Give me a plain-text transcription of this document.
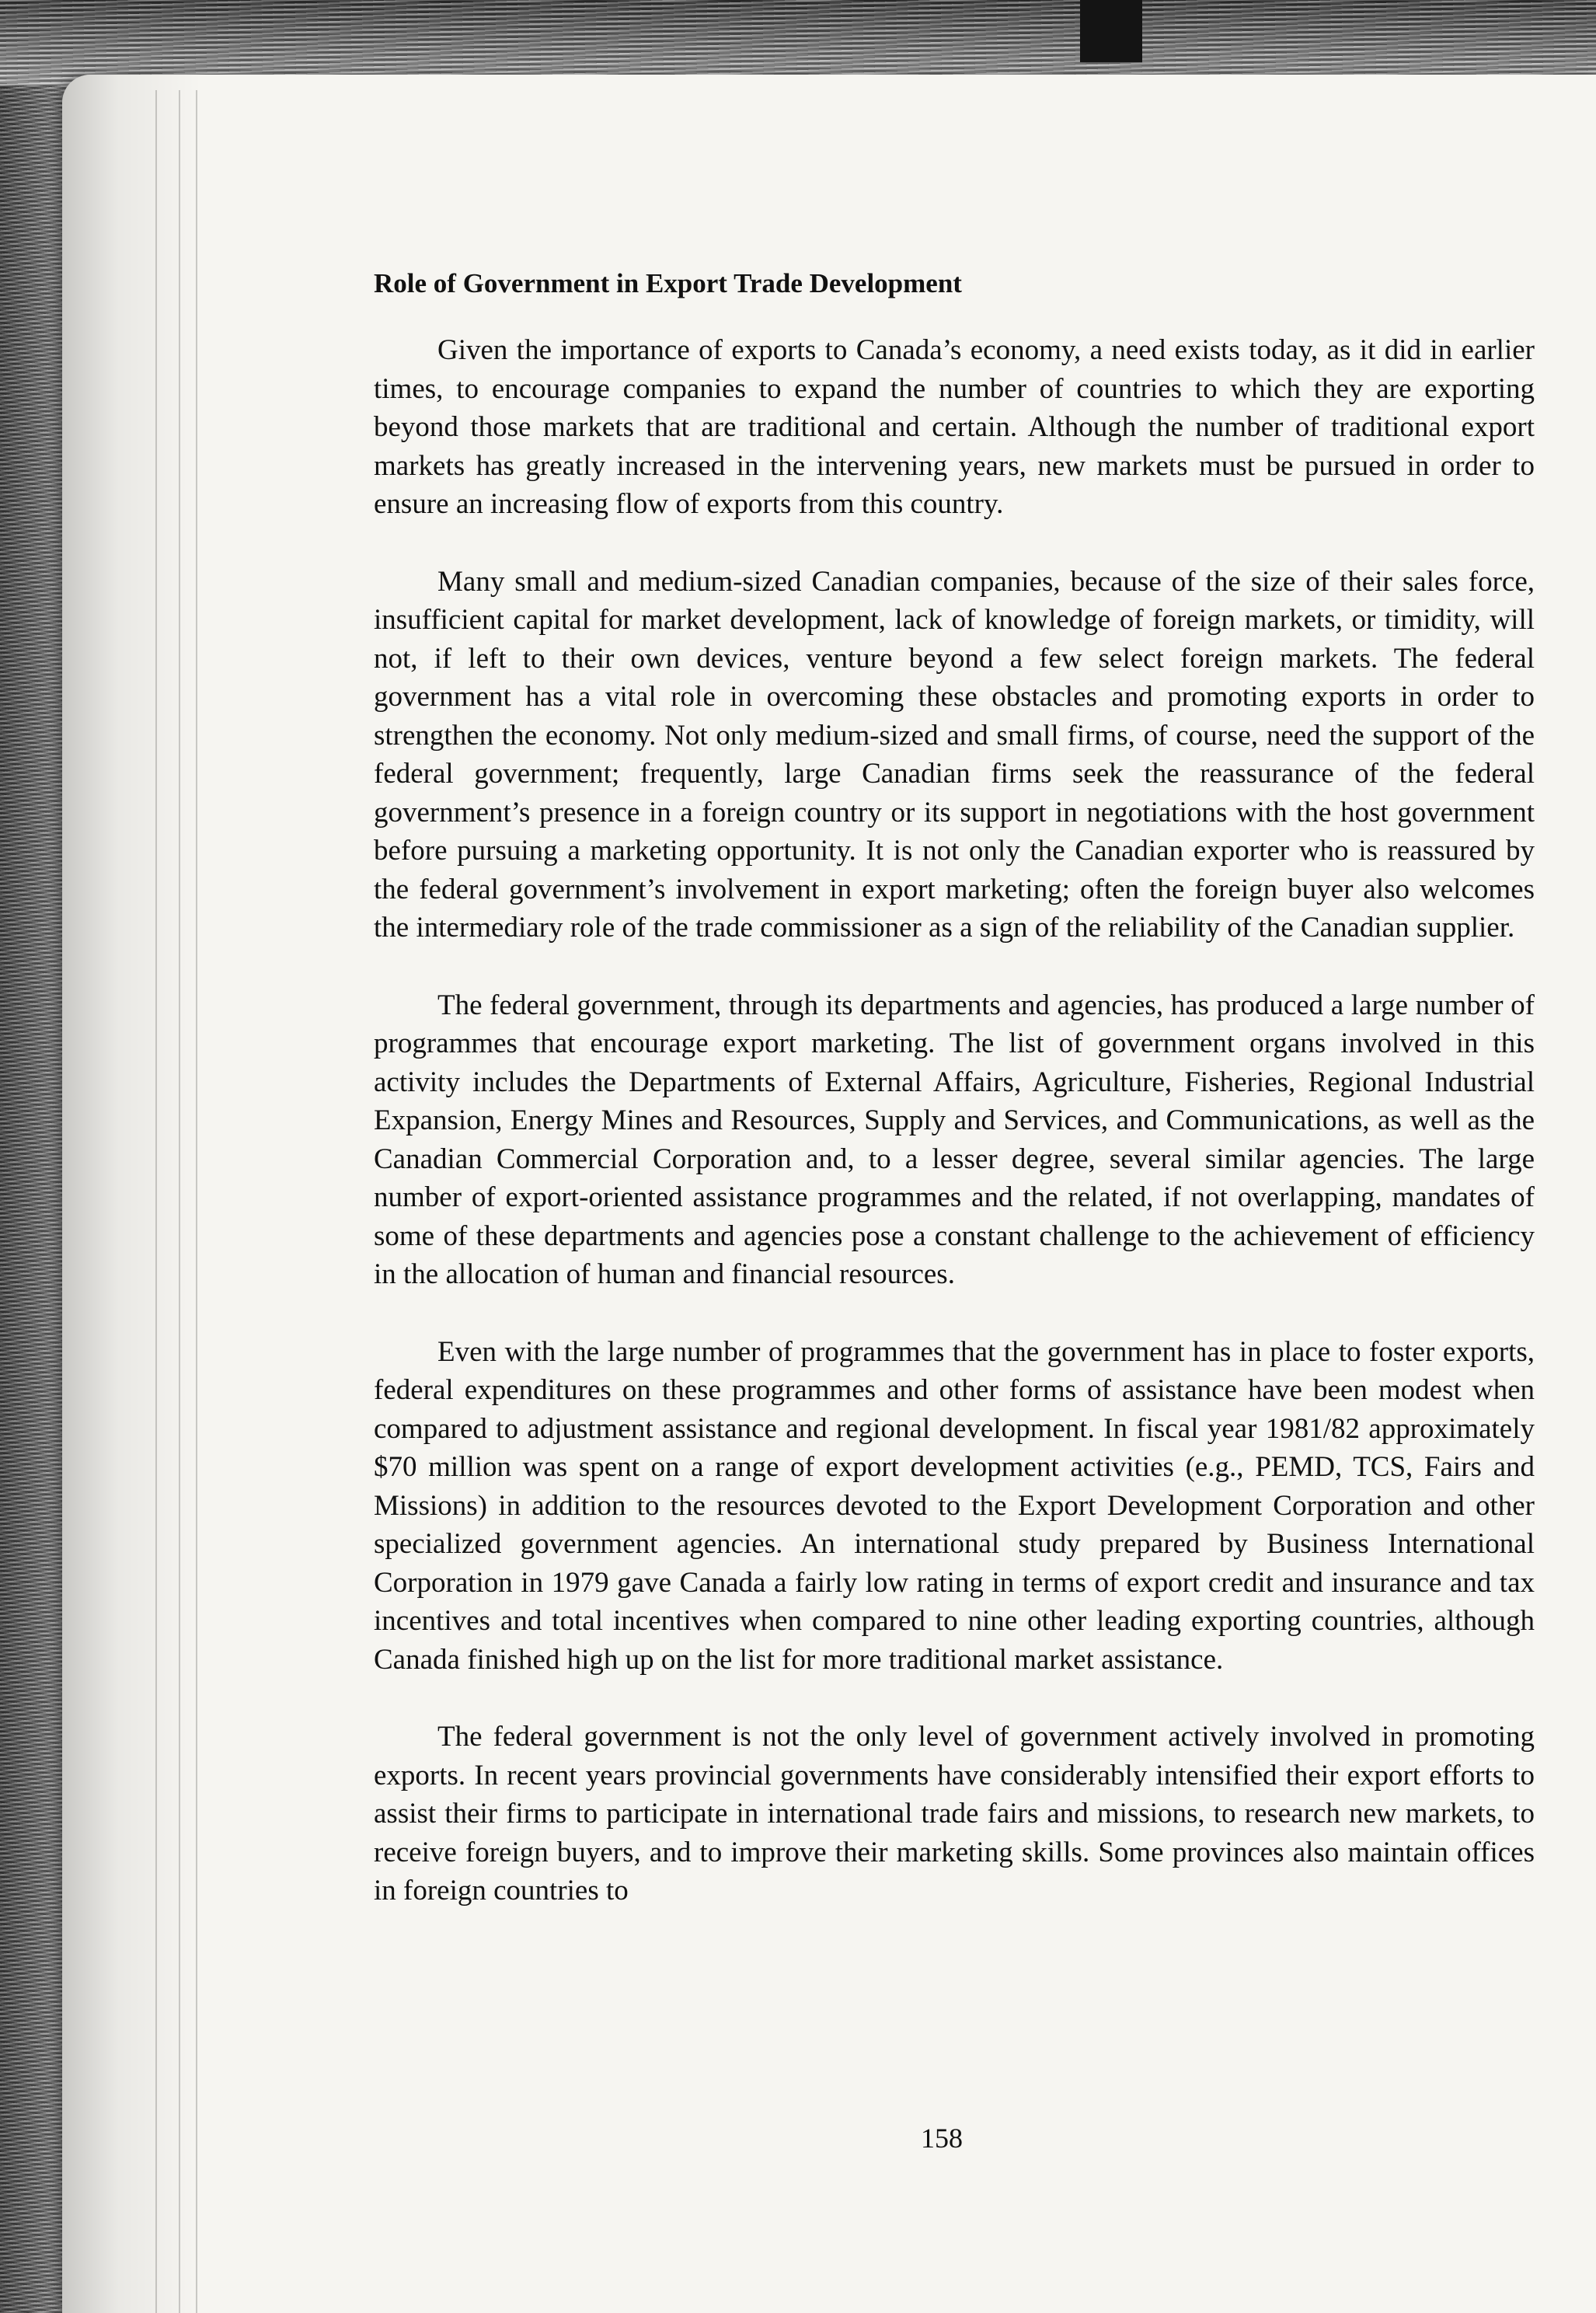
Role of Government in Export Trade Development

Given the importance of exports to Canada’s economy, a need exists today, as it did in earlier times, to encourage companies to expand the number of countries to which they are exporting beyond those markets that are traditional and certain. Although the number of traditional export markets has greatly increased in the intervening years, new markets must be pursued in order to ensure an increasing flow of exports from this country.

Many small and medium-sized Canadian companies, because of the size of their sales force, insufficient capital for market development, lack of knowledge of foreign markets, or timidity, will not, if left to their own devices, venture beyond a few select foreign markets. The federal government has a vital role in overcoming these obstacles and promoting exports in order to strengthen the economy. Not only medium-sized and small firms, of course, need the support of the federal government; frequently, large Canadian firms seek the reassurance of the federal government’s presence in a foreign country or its support in negotiations with the host government before pursuing a marketing opportunity. It is not only the Canadian exporter who is reassured by the federal government’s involvement in export marketing; often the foreign buyer also welcomes the intermediary role of the trade commissioner as a sign of the reliability of the Canadian supplier.

The federal government, through its departments and agencies, has produced a large number of programmes that encourage export marketing. The list of government organs involved in this activity includes the Departments of External Affairs, Agriculture, Fisheries, Regional Industrial Expansion, Energy Mines and Resources, Supply and Services, and Communications, as well as the Canadian Commercial Corporation and, to a lesser degree, several similar agencies. The large number of export-oriented assistance programmes and the related, if not overlapping, mandates of some of these departments and agencies pose a constant challenge to the achievement of efficiency in the allocation of human and financial resources.

Even with the large number of programmes that the government has in place to foster exports, federal expenditures on these programmes and other forms of assistance have been modest when compared to adjustment assistance and regional development. In fiscal year 1981/82 approximately $70 million was spent on a range of export development activities (e.g., PEMD, TCS, Fairs and Missions) in addition to the resources devoted to the Export Development Corporation and other specialized government agencies. An international study prepared by Business International Corporation in 1979 gave Canada a fairly low rating in terms of export credit and insurance and tax incentives and total incentives when compared to nine other leading exporting countries, although Canada finished high up on the list for more traditional market assistance.

The federal government is not the only level of government actively involved in promoting exports. In recent years provincial governments have considerably intensified their export efforts to assist their firms to participate in international trade fairs and missions, to research new markets, to receive foreign buyers, and to improve their marketing skills. Some provinces also maintain offices in foreign countries to

158
